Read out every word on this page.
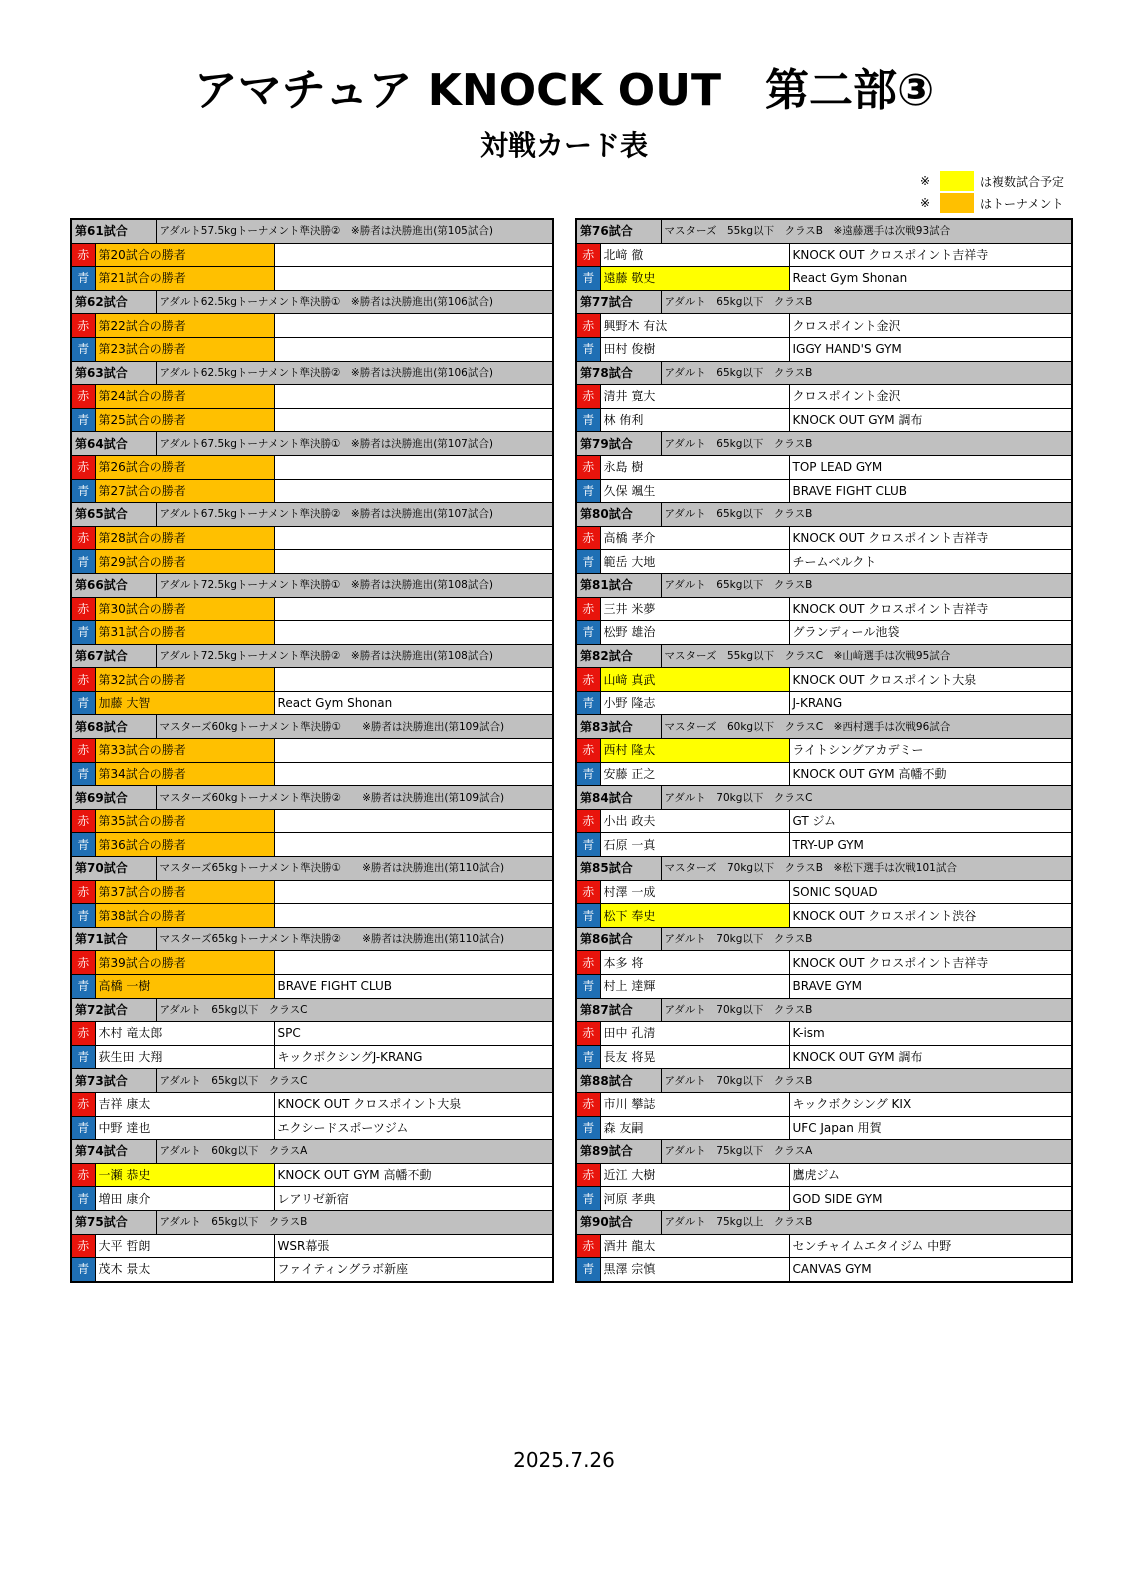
アマチュア KNOCK OUT　第二部③
対戦カード表
※	は複数試合予定
※	はトーナメント
第61試合		アダルト57.5kgトーナメント準決勝②　※勝者は決勝進出(第105試合)	
赤	第20試合の勝者		
青	第21試合の勝者		
第62試合		アダルト62.5kgトーナメント準決勝①　※勝者は決勝進出(第106試合)	
赤	第22試合の勝者		
青	第23試合の勝者		
第63試合		アダルト62.5kgトーナメント準決勝②　※勝者は決勝進出(第106試合)	
赤	第24試合の勝者		
青	第25試合の勝者		
第64試合		アダルト67.5kgトーナメント準決勝①　※勝者は決勝進出(第107試合)	
赤	第26試合の勝者		
青	第27試合の勝者		
第65試合		アダルト67.5kgトーナメント準決勝②　※勝者は決勝進出(第107試合)	
赤	第28試合の勝者		
青	第29試合の勝者		
第66試合		アダルト72.5kgトーナメント準決勝①　※勝者は決勝進出(第108試合)	
赤	第30試合の勝者		
青	第31試合の勝者		
第67試合		アダルト72.5kgトーナメント準決勝②　※勝者は決勝進出(第108試合)	
赤	第32試合の勝者		
青	加藤 大智		React Gym Shonan
第68試合		マスターズ60kgトーナメント準決勝①　　※勝者は決勝進出(第109試合)	
赤	第33試合の勝者		
青	第34試合の勝者		
第69試合		マスターズ60kgトーナメント準決勝②　　※勝者は決勝進出(第109試合)	
赤	第35試合の勝者		
青	第36試合の勝者		
第70試合		マスターズ65kgトーナメント準決勝①　　※勝者は決勝進出(第110試合)	
赤	第37試合の勝者		
青	第38試合の勝者		
第71試合		マスターズ65kgトーナメント準決勝②　　※勝者は決勝進出(第110試合)	
赤	第39試合の勝者		
青	高橋 一樹		BRAVE FIGHT CLUB
第72試合		アダルト　65kg以下　クラスC	
赤	木村 竜太郎		SPC
青	荻生田 大翔		キックボクシングJ-KRANG
第73試合		アダルト　65kg以下　クラスC	
赤	吉祥 康太		KNOCK OUT クロスポイント大泉
青	中野 達也		エクシードスポーツジム
第74試合		アダルト　60kg以下　クラスA	
赤	一瀬 恭史		KNOCK OUT GYM 高幡不動
青	増田 康介		レアリゼ新宿
第75試合		アダルト　65kg以下　クラスB	
赤	大平 哲朗		WSR幕張
青	茂木 景太		ファイティングラボ新座
第76試合		マスターズ　55kg以下　クラスB　※遠藤選手は次戦93試合	
赤	北﨑 徹		KNOCK OUT クロスポイント吉祥寺
青	遠藤 敬史		React Gym Shonan
第77試合		アダルト　65kg以下　クラスB	
赤	興野木 有汰		クロスポイント金沢
青	田村 俊樹		IGGY HAND'S GYM
第78試合		アダルト　65kg以下　クラスB	
赤	清井 寛大		クロスポイント金沢
青	林 侑利		KNOCK OUT GYM 調布
第79試合		アダルト　65kg以下　クラスB	
赤	永島 樹		TOP LEAD GYM
青	久保 颯生		BRAVE FIGHT CLUB
第80試合		アダルト　65kg以下　クラスB	
赤	高橋 孝介		KNOCK OUT クロスポイント吉祥寺
青	範岳 大地		チームベルクト
第81試合		アダルト　65kg以下　クラスB	
赤	三井 米夢		KNOCK OUT クロスポイント吉祥寺
青	松野 雄治		グランディール池袋
第82試合		マスターズ　55kg以下　クラスC　※山﨑選手は次戦95試合	
赤	山﨑 真武		KNOCK OUT クロスポイント大泉
青	小野 隆志		J-KRANG
第83試合		マスターズ　60kg以下　クラスC　※西村選手は次戦96試合	
赤	西村 隆太		ライトシングアカデミー
青	安藤 正之		KNOCK OUT GYM 高幡不動
第84試合		アダルト　70kg以下　クラスC	
赤	小出 政夫		GT ジム
青	石原 一真		TRY-UP GYM
第85試合		マスターズ　70kg以下　クラスB　※松下選手は次戦101試合	
赤	村澤 一成		SONIC SQUAD
青	松下 奉史		KNOCK OUT クロスポイント渋谷
第86試合		アダルト　70kg以下　クラスB	
赤	本多 将		KNOCK OUT クロスポイント吉祥寺
青	村上 達輝		BRAVE GYM
第87試合		アダルト　70kg以下　クラスB	
赤	田中 孔清		K-ism
青	長友 将晃		KNOCK OUT GYM 調布
第88試合		アダルト　70kg以下　クラスB	
赤	市川 攀誌		キックボクシング KIX
青	森 友嗣		UFC Japan 用賀
第89試合		アダルト　75kg以下　クラスA	
赤	近江 大樹		鷹虎ジム
青	河原 孝典		GOD SIDE GYM
第90試合		アダルト　75kg以上　クラスB	
赤	酒井 龍太		センチャイムエタイジム 中野
青	黒澤 宗慎		CANVAS GYM
2025.7.26
